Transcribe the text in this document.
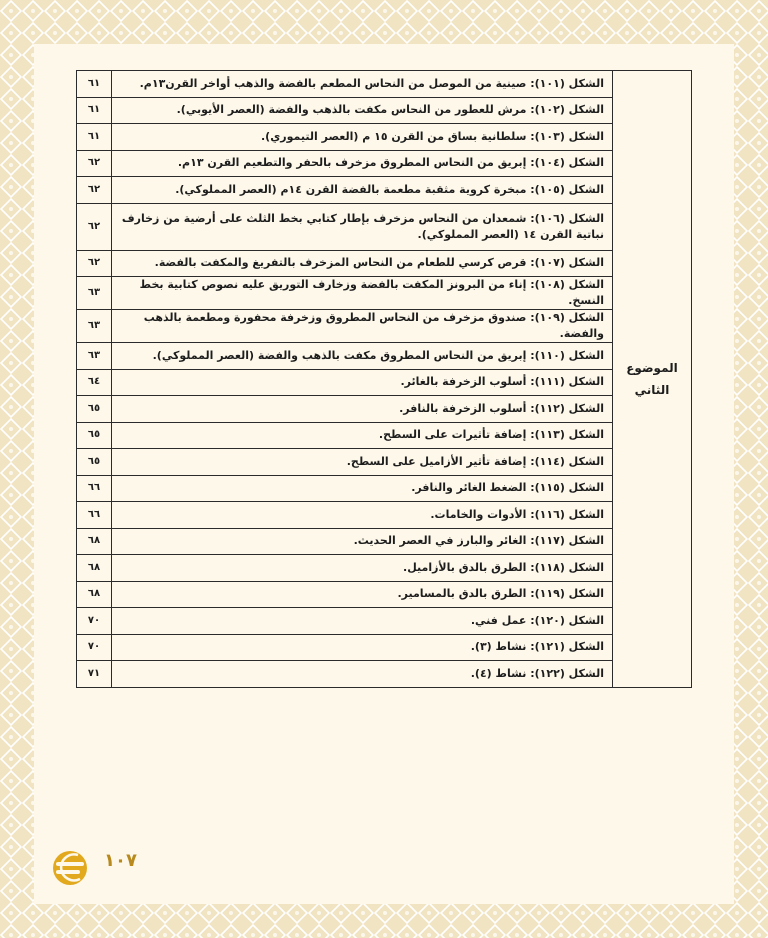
الموضوع الثاني	الشكل (١٠١): صينية من الموصل من النحاس المطعم بالفضة والذهب أواخر القرن١٣م.	٦١
	الشكل (١٠٢): مرش للعطور من النحاس مكفت بالذهب والفضة (العصر الأيوبي).	٦١
	الشكل (١٠٣): سلطانية بساق من القرن ١٥ م (العصر التيموري).	٦١
	الشكل (١٠٤): إبريق من النحاس المطروق مزخرف بالحفر والتطعيم القرن ١٣م.	٦٢
	الشكل (١٠٥): مبخرة كروية مثقبة مطعمة بالفضة القرن ١٤م (العصر المملوكي).	٦٢
	الشكل (١٠٦): شمعدان من النحاس مزخرف بإطار كتابي بخط الثلث على أرضية من زخارف نباتية القرن ١٤ (العصر المملوكي).	٦٢
	الشكل (١٠٧): قرص كرسي للطعام من النحاس المزخرف بالتفريغ والمكفت بالفضة.	٦٢
	الشكل (١٠٨): إناء من البرونز المكفت بالفضة وزخارف التوريق عليه نصوص كتابية بخط النسخ.	٦٣
	الشكل (١٠٩): صندوق مزخرف من النحاس المطروق وزخرفة محفورة ومطعمة بالذهب والفضة.	٦٣
	الشكل (١١٠): إبريق من النحاس المطروق مكفت بالذهب والفضة (العصر المملوكي).	٦٣
	الشكل (١١١): أسلوب الزخرفة بالغائر.	٦٤
	الشكل (١١٢): أسلوب الزخرفة بالنافر.	٦٥
	الشكل (١١٣): إضافة تأثيرات على السطح.	٦٥
	الشكل (١١٤): إضافة تأثير الأزاميل على السطح.	٦٥
	الشكل (١١٥): الضغط الغائر والنافر.	٦٦
	الشكل (١١٦): الأدوات والخامات.	٦٦
	الشكل (١١٧): الغائر والبارز في العصر الحديث.	٦٨
	الشكل (١١٨): الطرق بالدق بالأزاميل.	٦٨
	الشكل (١١٩): الطرق بالدق بالمسامير.	٦٨
	الشكل (١٢٠): عمل فني.	٧٠
	الشكل (١٢١): نشاط (٣).	٧٠
	الشكل (١٢٢): نشاط (٤).	٧١
١٠٧
